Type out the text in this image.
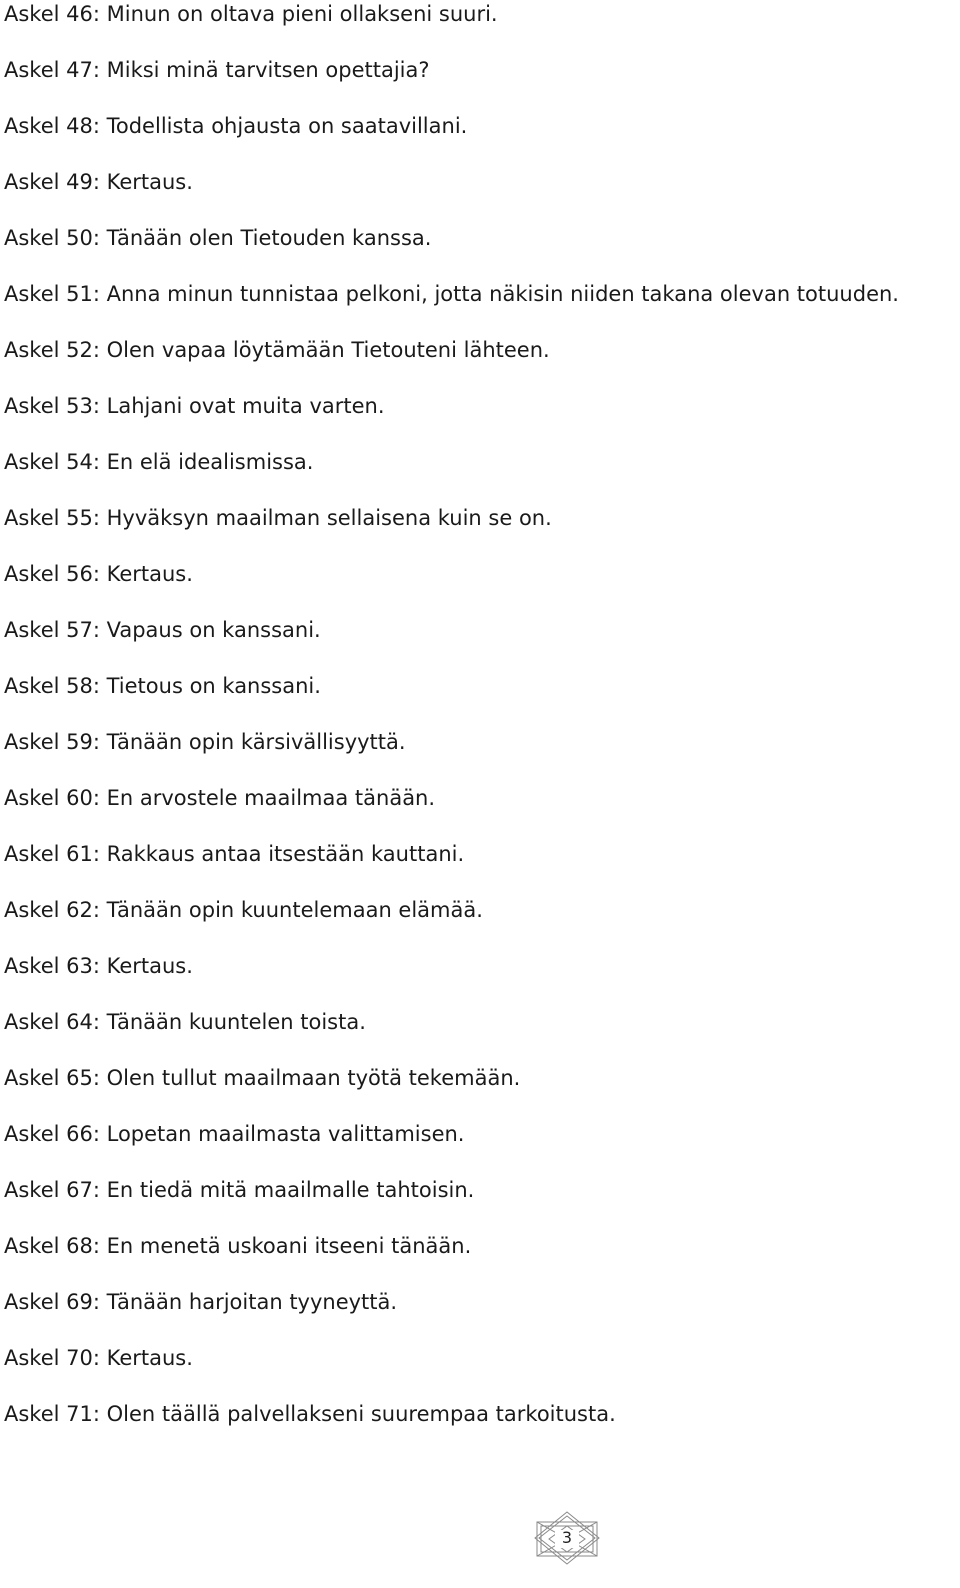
Askel 46: Minun on oltava pieni ollakseni suuri.
Askel 47: Miksi minä tarvitsen opettajia?
Askel 48: Todellista ohjausta on saatavillani.
Askel 49: Kertaus.
Askel 50: Tänään olen Tietouden kanssa.
Askel 51: Anna minun tunnistaa pelkoni, jotta näkisin niiden takana olevan totuuden.
Askel 52: Olen vapaa löytämään Tietouteni lähteen.
Askel 53: Lahjani ovat muita varten.
Askel 54: En elä idealismissa.
Askel 55: Hyväksyn maailman sellaisena kuin se on.
Askel 56: Kertaus.
Askel 57: Vapaus on kanssani.
Askel 58: Tietous on kanssani.
Askel 59: Tänään opin kärsivällisyyttä.
Askel 60: En arvostele maailmaa tänään.
Askel 61: Rakkaus antaa itsestään kauttani.
Askel 62: Tänään opin kuuntelemaan elämää.
Askel 63: Kertaus.
Askel 64: Tänään kuuntelen toista.
Askel 65: Olen tullut maailmaan työtä tekemään.
Askel 66: Lopetan maailmasta valittamisen.
Askel 67: En tiedä mitä maailmalle tahtoisin.
Askel 68: En menetä uskoani itseeni tänään.
Askel 69: Tänään harjoitan tyyneyttä.
Askel 70: Kertaus.
Askel 71: Olen täällä palvellakseni suurempaa tarkoitusta.
3
